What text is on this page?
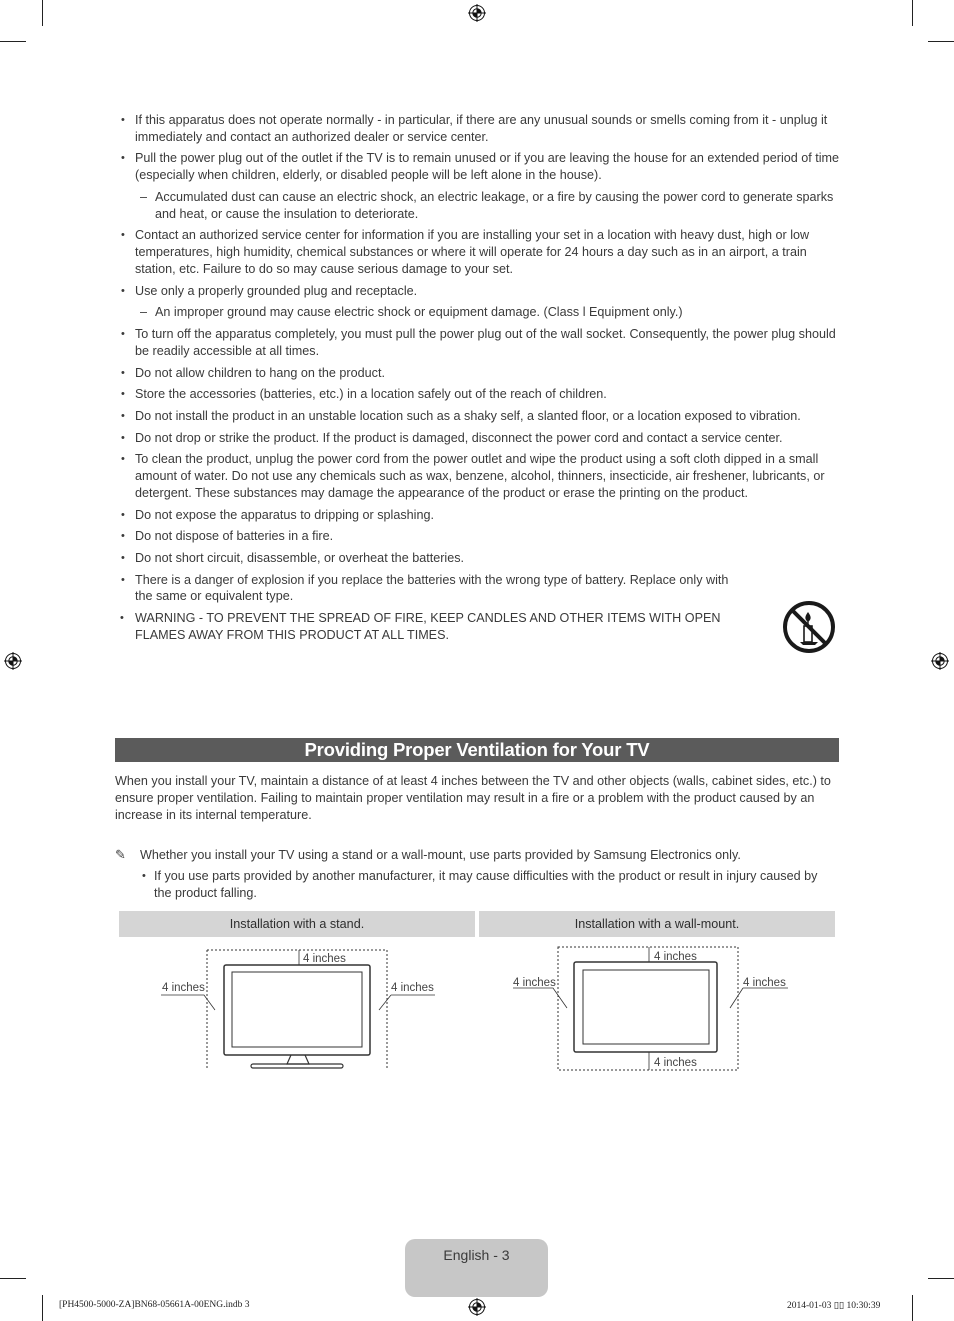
• If this apparatus does not operate normally - in particular, if there are any unusual sounds or smells coming from it - unplug it immediately and contact an authorized dealer or service center.
• Pull the power plug out of the outlet if the TV is to remain unused or if you are leaving the house for an extended period of time (especially when children, elderly, or disabled people will be left alone in the house).
– Accumulated dust can cause an electric shock, an electric leakage, or a fire by causing the power cord to generate sparks and heat, or cause the insulation to deteriorate.
• Contact an authorized service center for information if you are installing your set in a location with heavy dust, high or low temperatures, high humidity, chemical substances or where it will operate for 24 hours a day such as in an airport, a train station, etc. Failure to do so may cause serious damage to your set.
• Use only a properly grounded plug and receptacle.
– An improper ground may cause electric shock or equipment damage. (Class l Equipment only.)
• To turn off the apparatus completely, you must pull the power plug out of the wall socket. Consequently, the power plug should be readily accessible at all times.
• Do not allow children to hang on the product.
• Store the accessories (batteries, etc.) in a location safely out of the reach of children.
• Do not install the product in an unstable location such as a shaky self, a slanted floor, or a location exposed to vibration.
• Do not drop or strike the product. If the product is damaged, disconnect the power cord and contact a service center.
• To clean the product, unplug the power cord from the power outlet and wipe the product using a soft cloth dipped in a small amount of water. Do not use any chemicals such as wax, benzene, alcohol, thinners, insecticide, air freshener, lubricants, or detergent. These substances may damage the appearance of the product or erase the printing on the product.
• Do not expose the apparatus to dripping or splashing.
• Do not dispose of batteries in a fire.
• Do not short circuit, disassemble, or overheat the batteries.
• There is a danger of explosion if you replace the batteries with the wrong type of battery. Replace only with the same or equivalent type.
• WARNING - TO PREVENT THE SPREAD OF FIRE, KEEP CANDLES AND OTHER ITEMS WITH OPEN FLAMES AWAY FROM THIS PRODUCT AT ALL TIMES.
Providing Proper Ventilation for Your TV

When you install your TV, maintain a distance of at least 4 inches between the TV and other objects (walls, cabinet sides, etc.) to ensure proper ventilation. Failing to maintain proper ventilation may result in a fire or a problem with the product caused by an increase in its internal temperature.

✎ Whether you install your TV using a stand or a wall-mount, use parts provided by Samsung Electronics only.
• If you use parts provided by another manufacturer, it may cause difficulties with the product or result in injury caused by the product falling.
Installation with a stand.	Installation with a wall-mount.
4 inches	4 inches
4 inches
4 inches	4 inches
4 inches
4 inches
English - 3
[PH4500-5000-ZA]BN68-05661A-00ENG.indb 3	2014-01-03 ▯▯ 10:30:39
